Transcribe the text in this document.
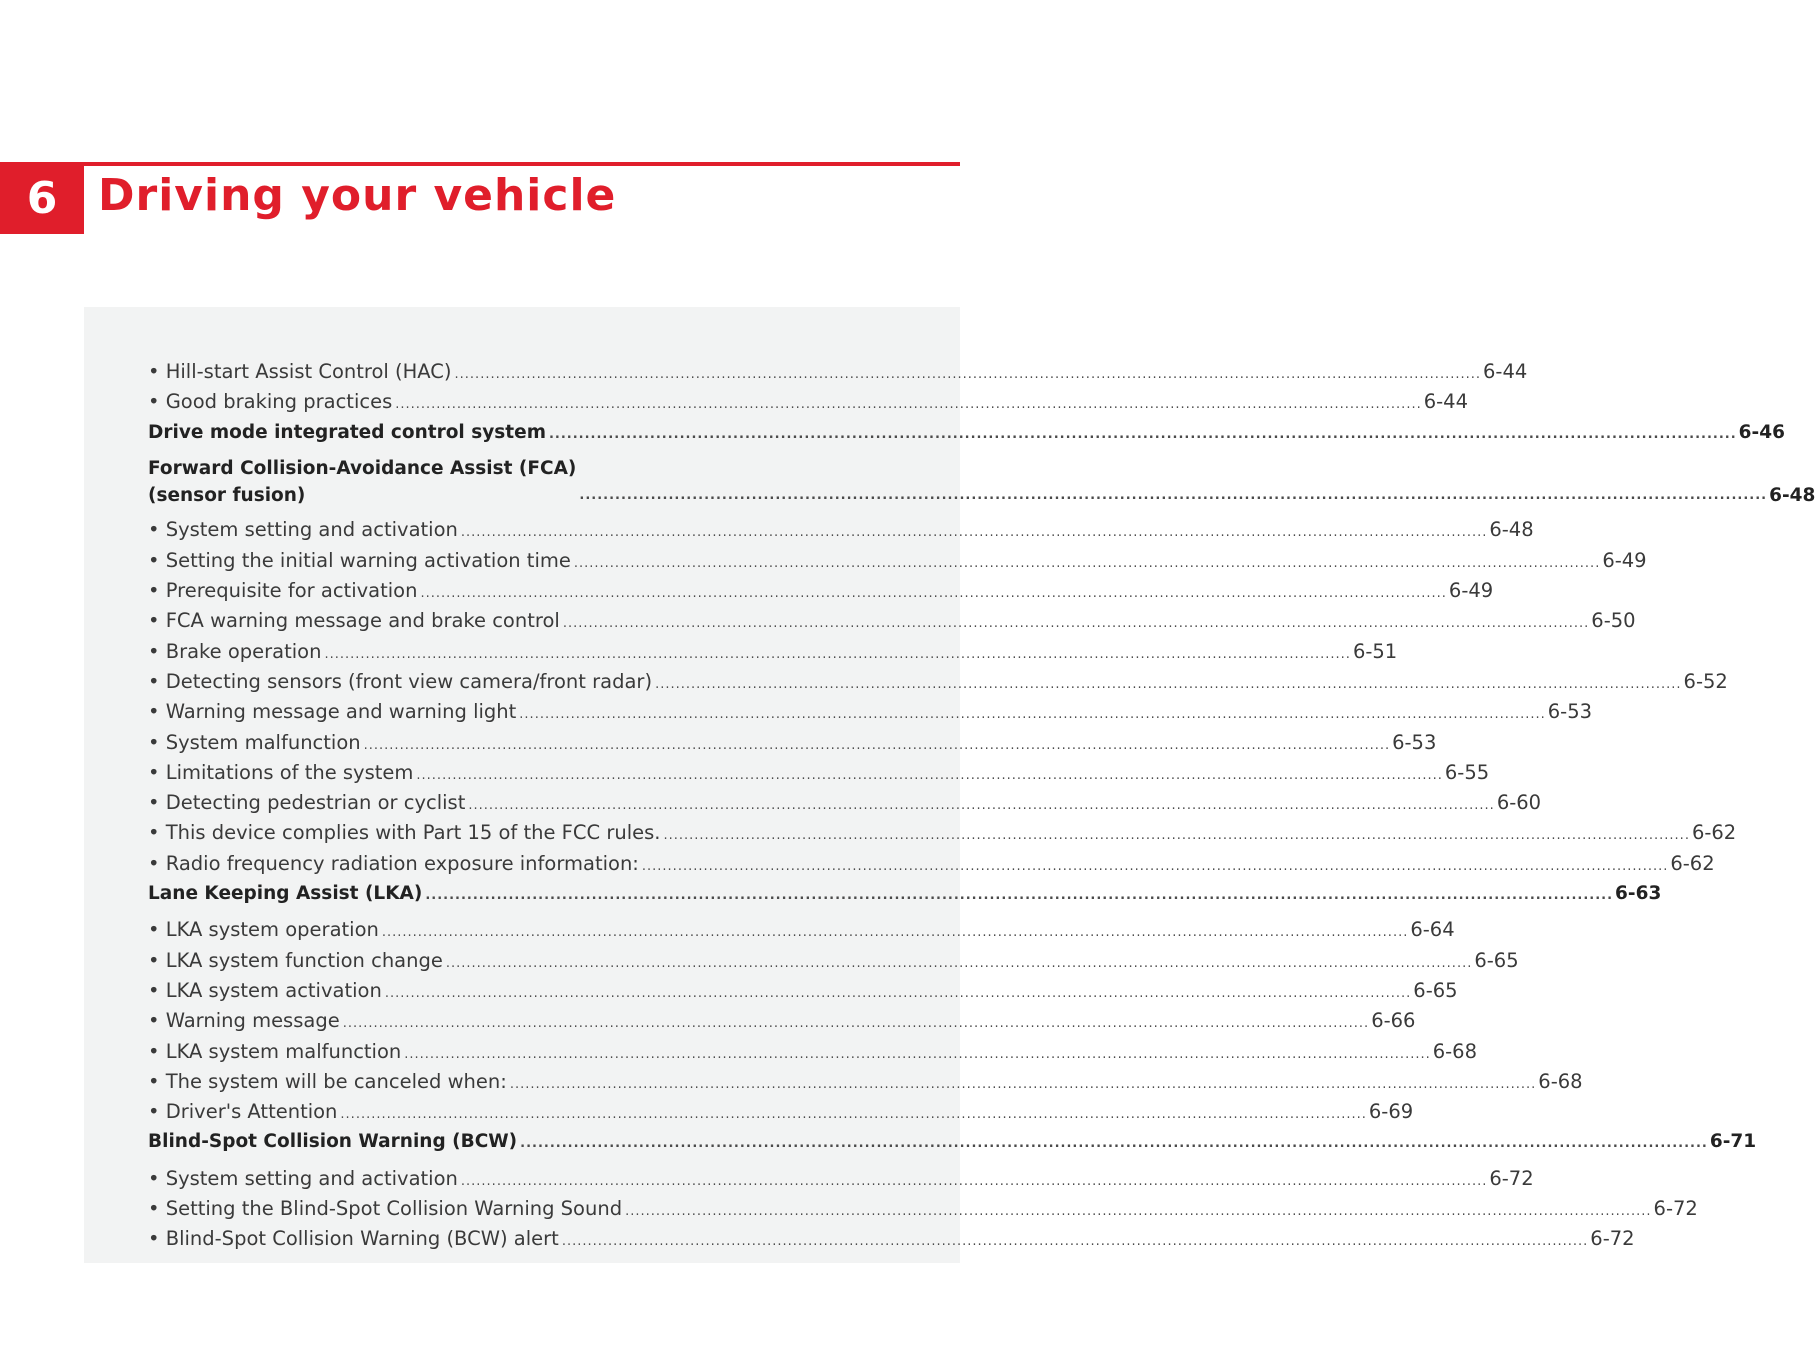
6 Driving your vehicle
• Hill-start Assist Control (HAC) ........................................................................................................................................................................................................ 6-44
• Good braking practices ........................................................................................................................................................................................................ 6-44
Drive mode integrated control system ........................................................................................................................................................................................................ 6-46
Forward Collision-Avoidance Assist (FCA)
(sensor fusion)	........................................................................................................................................................................................................ 6-48
• System setting and activation ........................................................................................................................................................................................................ 6-48
• Setting the initial warning activation time ........................................................................................................................................................................................................ 6-49
• Prerequisite for activation ........................................................................................................................................................................................................ 6-49
• FCA warning message and brake control ........................................................................................................................................................................................................ 6-50
• Brake operation ........................................................................................................................................................................................................ 6-51
• Detecting sensors (front view camera/front radar) ........................................................................................................................................................................................................ 6-52
• Warning message and warning light ........................................................................................................................................................................................................ 6-53
• System malfunction ........................................................................................................................................................................................................ 6-53
• Limitations of the system ........................................................................................................................................................................................................ 6-55
• Detecting pedestrian or cyclist ........................................................................................................................................................................................................ 6-60
• This device complies with Part 15 of the FCC rules. ........................................................................................................................................................................................................ 6-62
• Radio frequency radiation exposure information: ........................................................................................................................................................................................................ 6-62
Lane Keeping Assist (LKA) ........................................................................................................................................................................................................ 6-63
• LKA system operation ........................................................................................................................................................................................................ 6-64
• LKA system function change ........................................................................................................................................................................................................ 6-65
• LKA system activation ........................................................................................................................................................................................................ 6-65
• Warning message ........................................................................................................................................................................................................ 6-66
• LKA system malfunction ........................................................................................................................................................................................................ 6-68
• The system will be canceled when: ........................................................................................................................................................................................................ 6-68
• Driver's Attention ........................................................................................................................................................................................................ 6-69
Blind-Spot Collision Warning (BCW) ........................................................................................................................................................................................................ 6-71
• System setting and activation ........................................................................................................................................................................................................ 6-72
• Setting the Blind-Spot Collision Warning Sound ........................................................................................................................................................................................................ 6-72
• Blind-Spot Collision Warning (BCW) alert ........................................................................................................................................................................................................ 6-72
